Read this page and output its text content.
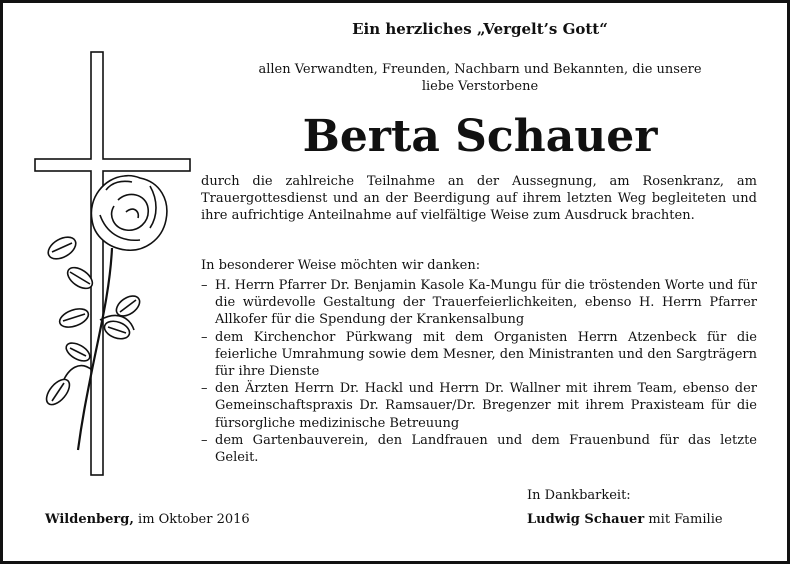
Ein herzliches „Vergelt’s Gott“
allen Verwandten, Freunden, Nachbarn und Bekannten, die unsere
liebe Verstorbene
Berta Schauer
durch die zahlreiche Teilnahme an der Aussegnung, am Rosenkranz, am Trauergottesdienst und an der Beerdigung auf ihrem letzten Weg begleiteten und ihre aufrichtige Anteilnahme auf vielfältige Weise zum Ausdruck brachten.
In besonderer Weise möchten wir danken:
– H. Herrn Pfarrer Dr. Benjamin Kasole Ka-Mungu für die tröstenden Worte und für die würdevolle Gestaltung der Trauerfeierlichkeiten, ebenso H. Herrn Pfarrer Allkofer für die Spendung der Krankensalbung
– dem Kirchenchor Pürkwang mit dem Organisten Herrn Atzenbeck für die feierliche Umrahmung sowie dem Mesner, den Ministranten und den Sargträgern für ihre Dienste
– den Ärzten Herrn Dr. Hackl und Herrn Dr. Wallner mit ihrem Team, ebenso der Gemeinschaftspraxis Dr. Ramsauer/Dr. Bregenzer mit ihrem Praxisteam für die fürsorgliche medizinische Betreuung
– dem Gartenbauverein, den Landfrauen und dem Frauenbund für das letzte Geleit.
In Dankbarkeit:
Wildenberg, im Oktober 2016	Ludwig Schauer mit Familie
